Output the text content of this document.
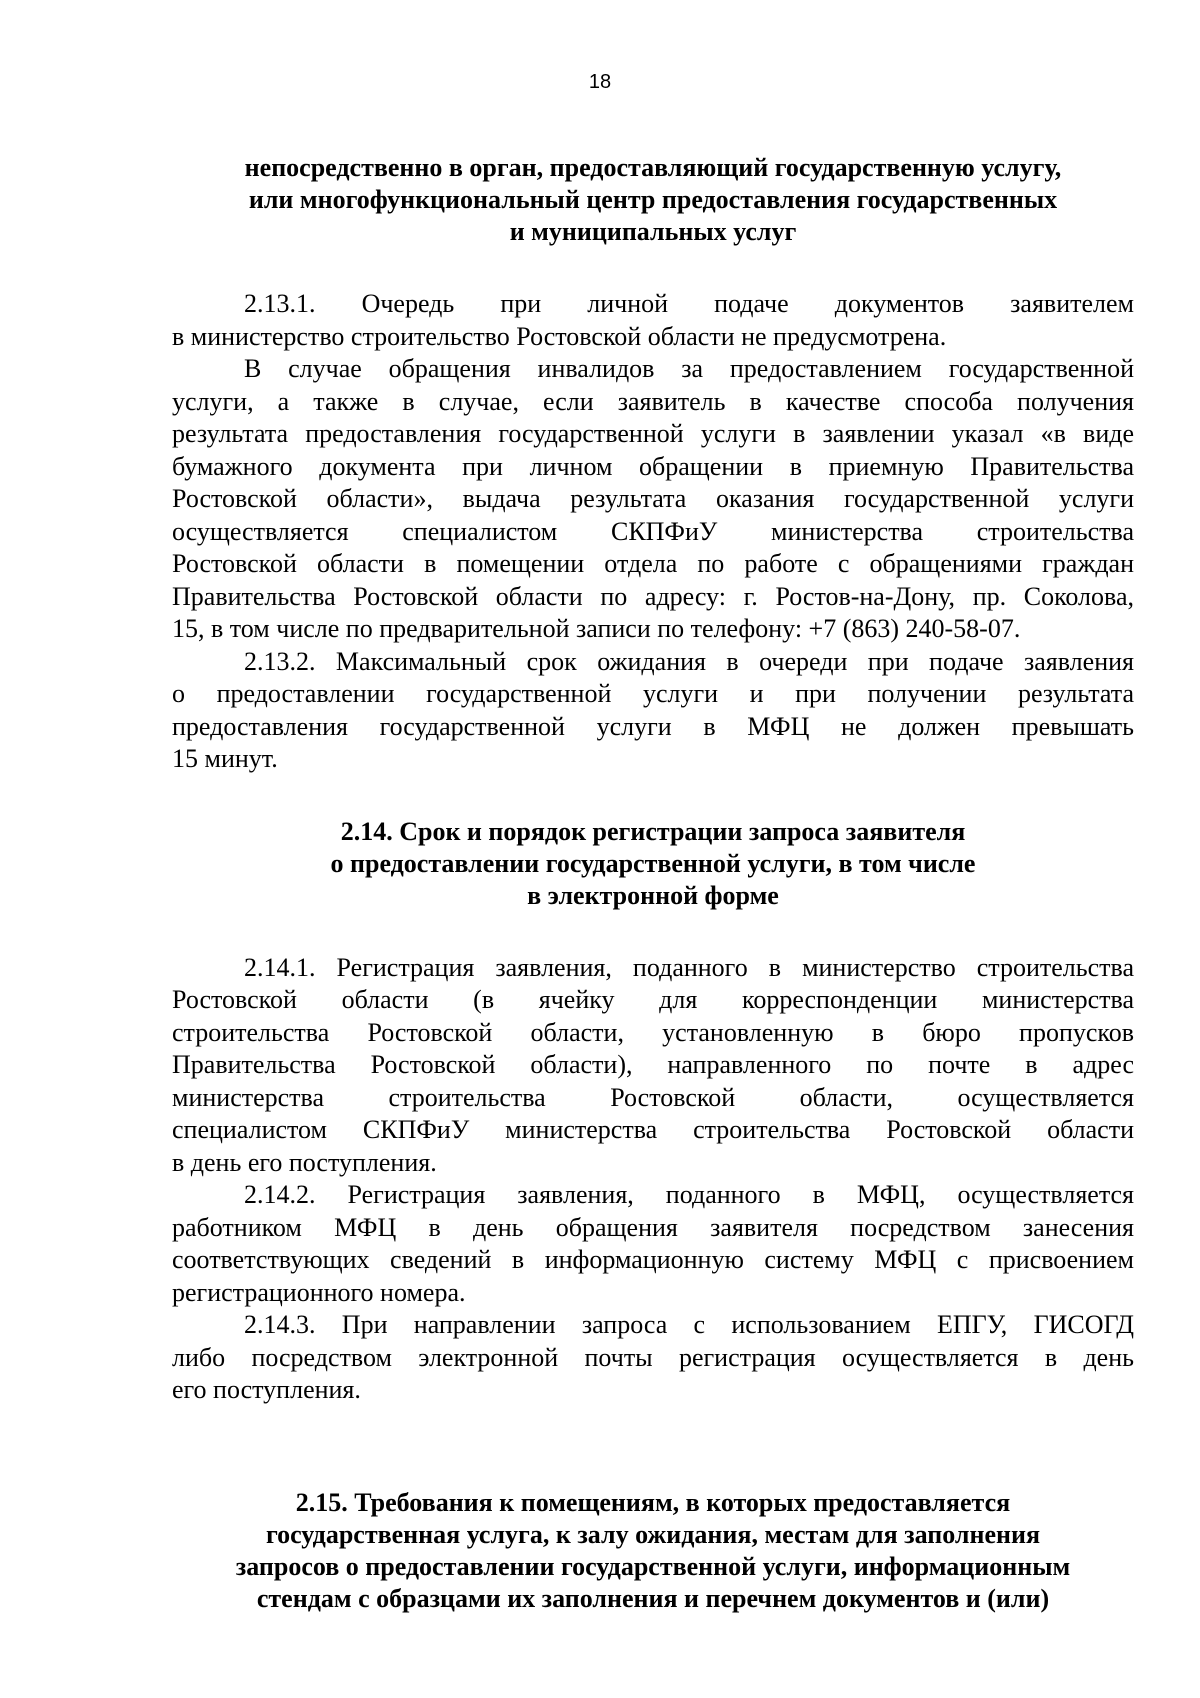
18
непосредственно в орган, предоставляющий государственную услугу,
или многофункциональный центр предоставления государственных
и муниципальных услуг
2.13.1. Очередь при личной подаче документов заявителем
в министерство строительство Ростовской области не предусмотрена.
В случае обращения инвалидов за предоставлением государственной
услуги, а также в случае, если заявитель в качестве способа получения
результата предоставления государственной услуги в заявлении указал «в виде
бумажного документа при личном обращении в приемную Правительства
Ростовской области», выдача результата оказания государственной услуги
осуществляется специалистом СКПФиУ министерства строительства
Ростовской области в помещении отдела по работе с обращениями граждан
Правительства Ростовской области по адресу: г. Ростов-на-Дону, пр. Соколова,
15, в том числе по предварительной записи по телефону: +7 (863) 240-58-07.
2.13.2. Максимальный срок ожидания в очереди при подаче заявления
о предоставлении государственной услуги и при получении результата
предоставления государственной услуги в МФЦ не должен превышать
15 минут.
2.14. Срок и порядок регистрации запроса заявителя
о предоставлении государственной услуги, в том числе
в электронной форме
2.14.1. Регистрация заявления, поданного в министерство строительства
Ростовской области (в ячейку для корреспонденции министерства
строительства Ростовской области, установленную в бюро пропусков
Правительства Ростовской области), направленного по почте в адрес
министерства строительства Ростовской области, осуществляется
специалистом СКПФиУ министерства строительства Ростовской области
в день его поступления.
2.14.2. Регистрация заявления, поданного в МФЦ, осуществляется
работником МФЦ в день обращения заявителя посредством занесения
соответствующих сведений в информационную систему МФЦ с присвоением
регистрационного номера.
2.14.3. При направлении запроса с использованием ЕПГУ, ГИСОГД
либо посредством электронной почты регистрация осуществляется в день
его поступления.
2.15. Требования к помещениям, в которых предоставляется
государственная услуга, к залу ожидания, местам для заполнения
запросов о предоставлении государственной услуги, информационным
стендам с образцами их заполнения и перечнем документов и (или)
